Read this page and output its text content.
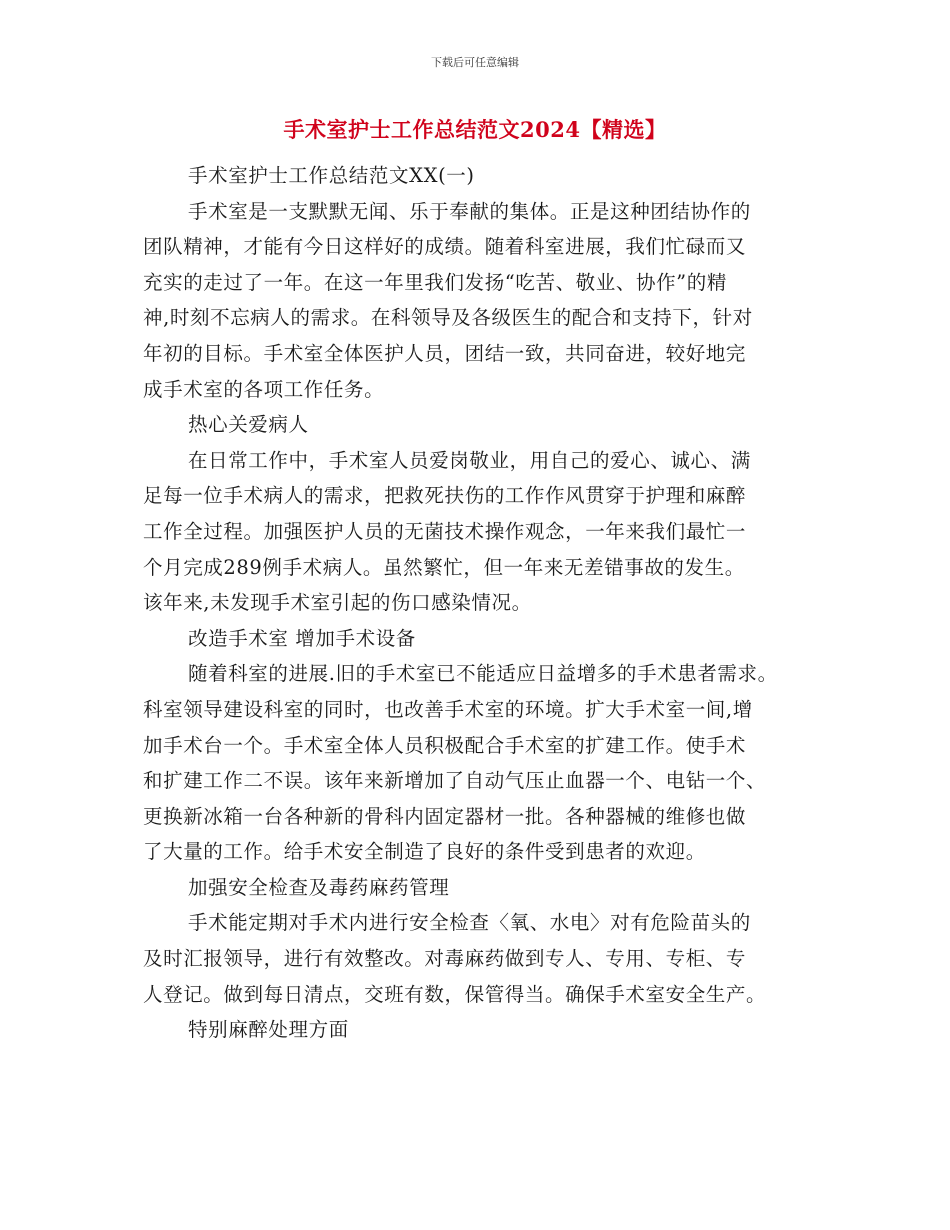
下载后可任意编辑
手术室护士工作总结范文2024【精选】
手术室护士工作总结范文XX(一)
手术室是一支默默无闻、乐于奉献的集体。正是这种团结协作的
团队精神，才能有今日这样好的成绩。随着科室进展，我们忙碌而又
充实的走过了一年。在这一年里我们发扬“吃苦、敬业、协作”的精
神,时刻不忘病人的需求。在科领导及各级医生的配合和支持下，针对
年初的目标。手术室全体医护人员，团结一致，共同奋进，较好地完
成手术室的各项工作任务。
热心关爱病人
在日常工作中，手术室人员爱岗敬业，用自己的爱心、诚心、满
足每一位手术病人的需求，把救死扶伤的工作作风贯穿于护理和麻醉
工作全过程。加强医护人员的无菌技术操作观念，一年来我们最忙一
个月完成289例手术病人。虽然繁忙，但一年来无差错事故的发生。
该年来,未发现手术室引起的伤口感染情况。
改造手术室 增加手术设备
随着科室的进展.旧的手术室已不能适应日益增多的手术患者需求。
科室领导建设科室的同时，也改善手术室的环境。扩大手术室一间,增
加手术台一个。手术室全体人员积极配合手术室的扩建工作。使手术
和扩建工作二不误。该年来新增加了自动气压止血器一个、电钻一个、
更换新冰箱一台各种新的骨科内固定器材一批。各种器械的维修也做
了大量的工作。给手术安全制造了良好的条件受到患者的欢迎。
加强安全检查及毒药麻药管理
手术能定期对手术内进行安全检查〈氧、水电〉对有危险苗头的
及时汇报领导，进行有效整改。对毒麻药做到专人、专用、专柜、专
人登记。做到每日清点，交班有数，保管得当。确保手术室安全生产。
特别麻醉处理方面
